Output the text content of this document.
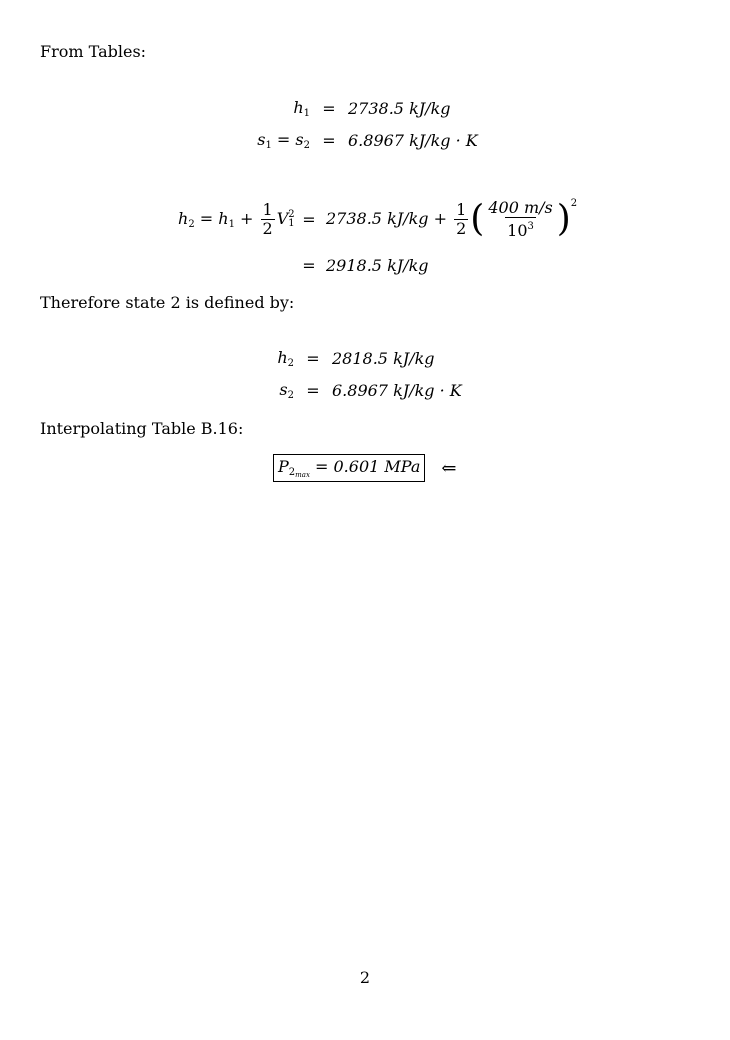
From Tables:
$h_1 = 2738.5$ kJ/kg
$s_1 = s_2 = 6.8967$ kJ/kg · K
$h_2 = h_1 + \frac{1}{2}$ V 2
1 = 2738.5 $kJ/kg + \frac{1}{2}$ ( $\frac{400 m/s}{10^3} )^2$
= 2918.5 kJ/kg
Therefore state 2 is defined by:
$h_2 = 2818.5$ kJ/kg
$s_2 = 6.8967$ kJ/kg · K
Interpolating Table B.16:
$P_{2_{max}} = 0.601$ MPa ⇐
2
